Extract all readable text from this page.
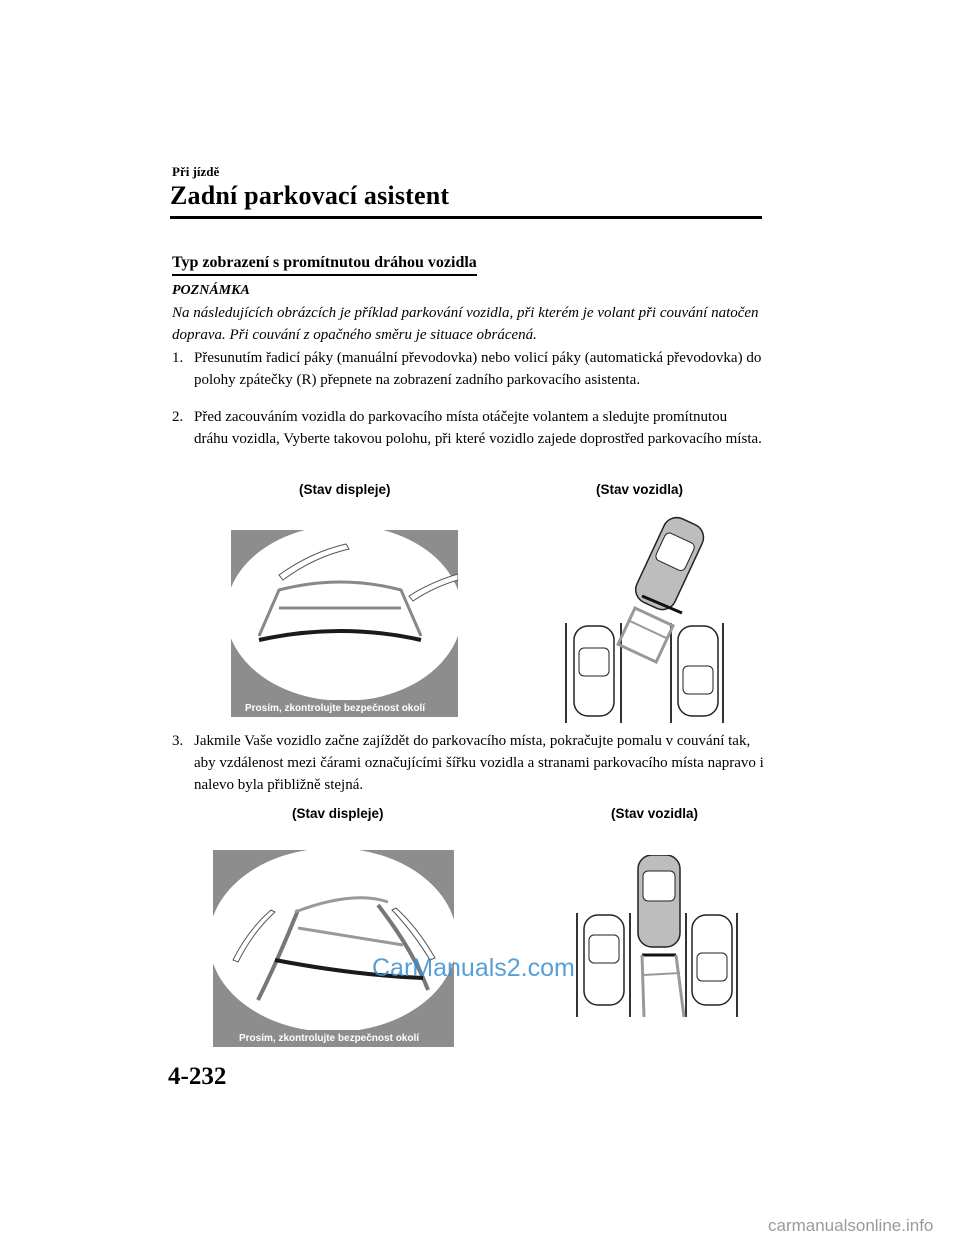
Při jízdě
Zadní parkovací asistent
Typ zobrazení s promítnutou dráhou vozidla
POZNÁMKA
Na následujících obrázcích je příklad parkování vozidla, při kterém je volant při couvání natočen doprava. Při couvání z opačného směru je situace obrácená.
1. Přesunutím řadicí páky (manuální převodovka) nebo volicí páky (automatická převodovka) do polohy zpátečky (R) přepnete na zobrazení zadního parkovacího asistenta.
2. Před zacouváním vozidla do parkovacího místa otáčejte volantem a sledujte promítnutou dráhu vozidla, Vyberte takovou polohu, při které vozidlo zajede doprostřed parkovacího místa.
(Stav displeje)	(Stav vozidla)
Prosím, zkontrolujte bezpečnost okolí
3. Jakmile Vaše vozidlo začne zajíždět do parkovacího místa, pokračujte pomalu v couvání tak, aby vzdálenost mezi čárami označujícími šířku vozidla a stranami parkovacího místa napravo i nalevo byla přibližně stejná.
(Stav displeje)	(Stav vozidla)
Prosím, zkontrolujte bezpečnost okolí
CarManuals2.com
4-232
carmanualsonline.info
